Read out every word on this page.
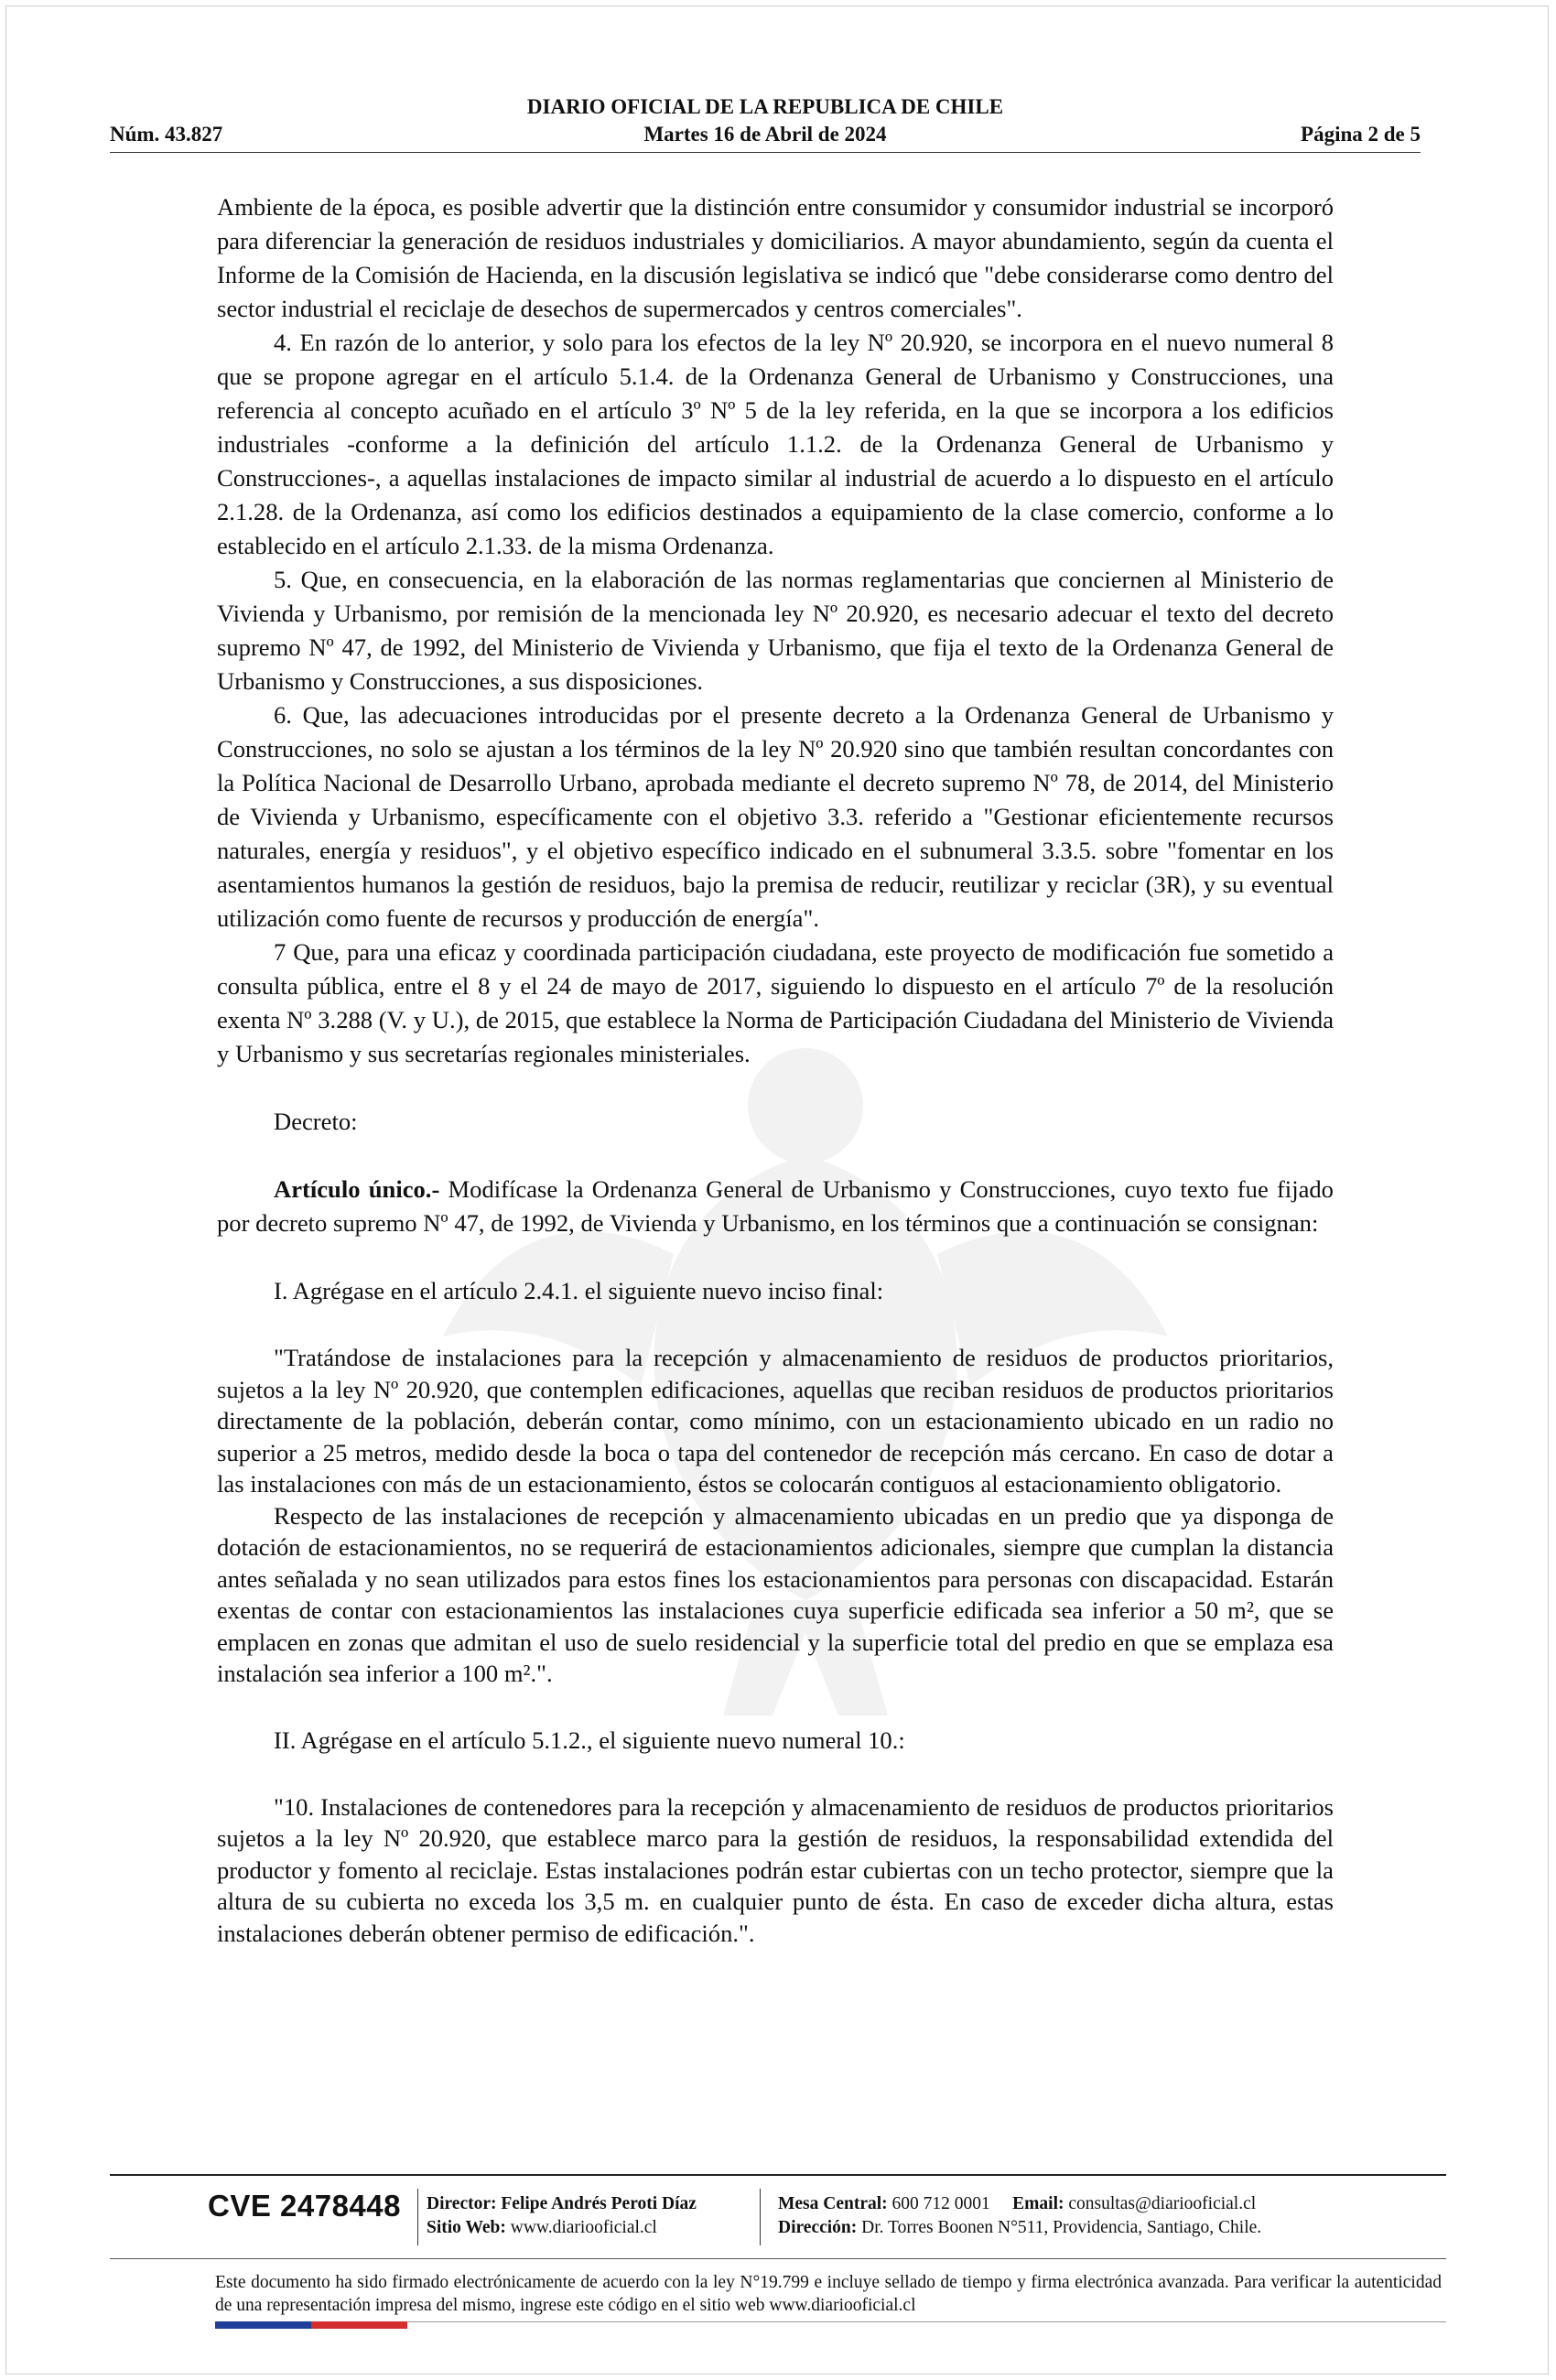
DIARIO OFICIAL DE LA REPUBLICA DE CHILE
Núm. 43.827	Martes 16 de Abril de 2024	Página 2 de 5

Ambiente de la época, es posible advertir que la distinción entre consumidor y consumidor industrial se incorporó para diferenciar la generación de residuos industriales y domiciliarios. A mayor abundamiento, según da cuenta el Informe de la Comisión de Hacienda, en la discusión legislativa se indicó que "debe considerarse como dentro del sector industrial el reciclaje de desechos de supermercados y centros comerciales".

4. En razón de lo anterior, y solo para los efectos de la ley Nº 20.920, se incorpora en el nuevo numeral 8 que se propone agregar en el artículo 5.1.4. de la Ordenanza General de Urbanismo y Construcciones, una referencia al concepto acuñado en el artículo 3º Nº 5 de la ley referida, en la que se incorpora a los edificios industriales -conforme a la definición del artículo 1.1.2. de la Ordenanza General de Urbanismo y Construcciones-, a aquellas instalaciones de impacto similar al industrial de acuerdo a lo dispuesto en el artículo 2.1.28. de la Ordenanza, así como los edificios destinados a equipamiento de la clase comercio, conforme a lo establecido en el artículo 2.1.33. de la misma Ordenanza.

5. Que, en consecuencia, en la elaboración de las normas reglamentarias que conciernen al Ministerio de Vivienda y Urbanismo, por remisión de la mencionada ley Nº 20.920, es necesario adecuar el texto del decreto supremo Nº 47, de 1992, del Ministerio de Vivienda y Urbanismo, que fija el texto de la Ordenanza General de Urbanismo y Construcciones, a sus disposiciones.

6. Que, las adecuaciones introducidas por el presente decreto a la Ordenanza General de Urbanismo y Construcciones, no solo se ajustan a los términos de la ley Nº 20.920 sino que también resultan concordantes con la Política Nacional de Desarrollo Urbano, aprobada mediante el decreto supremo Nº 78, de 2014, del Ministerio de Vivienda y Urbanismo, específicamente con el objetivo 3.3. referido a "Gestionar eficientemente recursos naturales, energía y residuos", y el objetivo específico indicado en el subnumeral 3.3.5. sobre "fomentar en los asentamientos humanos la gestión de residuos, bajo la premisa de reducir, reutilizar y reciclar (3R), y su eventual utilización como fuente de recursos y producción de energía".

7 Que, para una eficaz y coordinada participación ciudadana, este proyecto de modificación fue sometido a consulta pública, entre el 8 y el 24 de mayo de 2017, siguiendo lo dispuesto en el artículo 7º de la resolución exenta Nº 3.288 (V. y U.), de 2015, que establece la Norma de Participación Ciudadana del Ministerio de Vivienda y Urbanismo y sus secretarías regionales ministeriales.

Decreto:

Artículo único.- Modifícase la Ordenanza General de Urbanismo y Construcciones, cuyo texto fue fijado por decreto supremo Nº 47, de 1992, de Vivienda y Urbanismo, en los términos que a continuación se consignan:

I. Agrégase en el artículo 2.4.1. el siguiente nuevo inciso final:

"Tratándose de instalaciones para la recepción y almacenamiento de residuos de productos prioritarios, sujetos a la ley Nº 20.920, que contemplen edificaciones, aquellas que reciban residuos de productos prioritarios directamente de la población, deberán contar, como mínimo, con un estacionamiento ubicado en un radio no superior a 25 metros, medido desde la boca o tapa del contenedor de recepción más cercano. En caso de dotar a las instalaciones con más de un estacionamiento, éstos se colocarán contiguos al estacionamiento obligatorio.

Respecto de las instalaciones de recepción y almacenamiento ubicadas en un predio que ya disponga de dotación de estacionamientos, no se requerirá de estacionamientos adicionales, siempre que cumplan la distancia antes señalada y no sean utilizados para estos fines los estacionamientos para personas con discapacidad. Estarán exentas de contar con estacionamientos las instalaciones cuya superficie edificada sea inferior a 50 m², que se emplacen en zonas que admitan el uso de suelo residencial y la superficie total del predio en que se emplaza esa instalación sea inferior a 100 m².".

II. Agrégase en el artículo 5.1.2., el siguiente nuevo numeral 10.:

"10. Instalaciones de contenedores para la recepción y almacenamiento de residuos de productos prioritarios sujetos a la ley Nº 20.920, que establece marco para la gestión de residuos, la responsabilidad extendida del productor y fomento al reciclaje. Estas instalaciones podrán estar cubiertas con un techo protector, siempre que la altura de su cubierta no exceda los 3,5 m. en cualquier punto de ésta. En caso de exceder dicha altura, estas instalaciones deberán obtener permiso de edificación.".

CVE 2478448 Director: Felipe Andrés Peroti Díaz
Sitio Web: www.diariooficial.cl
Mesa Central: 600 712 0001 Email: consultas@diariooficial.cl
Dirección: Dr. Torres Boonen N°511, Providencia, Santiago, Chile.
Este documento ha sido firmado electrónicamente de acuerdo con la ley N°19.799 e incluye sellado de tiempo y firma electrónica avanzada. Para verificar la autenticidad de una representación impresa del mismo, ingrese este código en el sitio web www.diariooficial.cl
